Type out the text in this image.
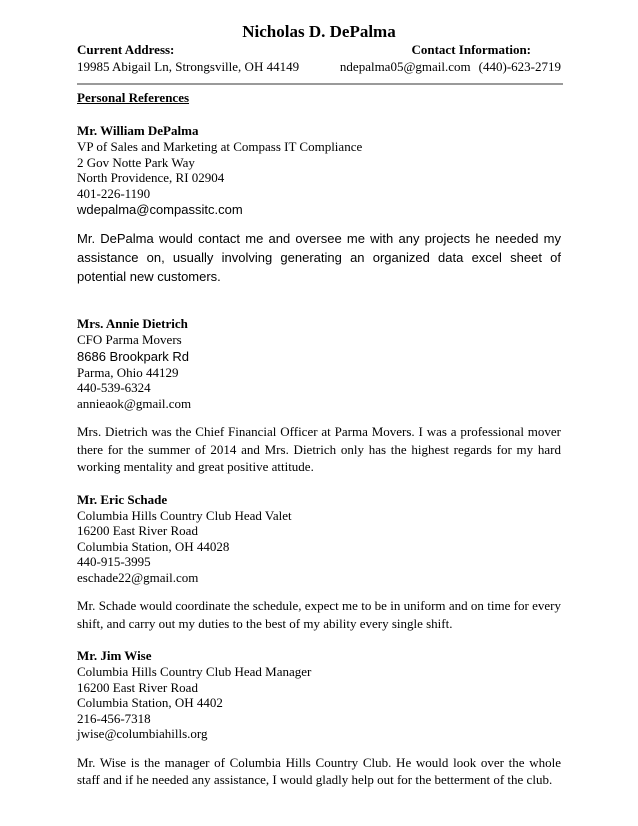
Nicholas D. DePalma
Current Address:	Contact Information:
19985 Abigail Ln, Strongsville, OH 44149	ndepalma05@gmail.com (440)-623-2719
Personal References
Mr. William DePalma
VP of Sales and Marketing at Compass IT Compliance
2 Gov Notte Park Way
North Providence, RI 02904
401-226-1190
wdepalma@compassitc.com
Mr. DePalma would contact me and oversee me with any projects he needed my assistance on, usually involving generating an organized data excel sheet of potential new customers.
Mrs. Annie Dietrich
CFO Parma Movers
8686 Brookpark Rd
Parma, Ohio 44129
440-539-6324
annieaok@gmail.com
Mrs. Dietrich was the Chief Financial Officer at Parma Movers. I was a professional mover there for the summer of 2014 and Mrs. Dietrich only has the highest regards for my hard working mentality and great positive attitude.
Mr. Eric Schade
Columbia Hills Country Club Head Valet
16200 East River Road
Columbia Station, OH 44028
440-915-3995
eschade22@gmail.com
Mr. Schade would coordinate the schedule, expect me to be in uniform and on time for every shift, and carry out my duties to the best of my ability every single shift.
Mr. Jim Wise
Columbia Hills Country Club Head Manager
16200 East River Road
Columbia Station, OH 4402
216-456-7318
jwise@columbiahills.org
Mr. Wise is the manager of Columbia Hills Country Club. He would look over the whole staff and if he needed any assistance, I would gladly help out for the betterment of the club.
